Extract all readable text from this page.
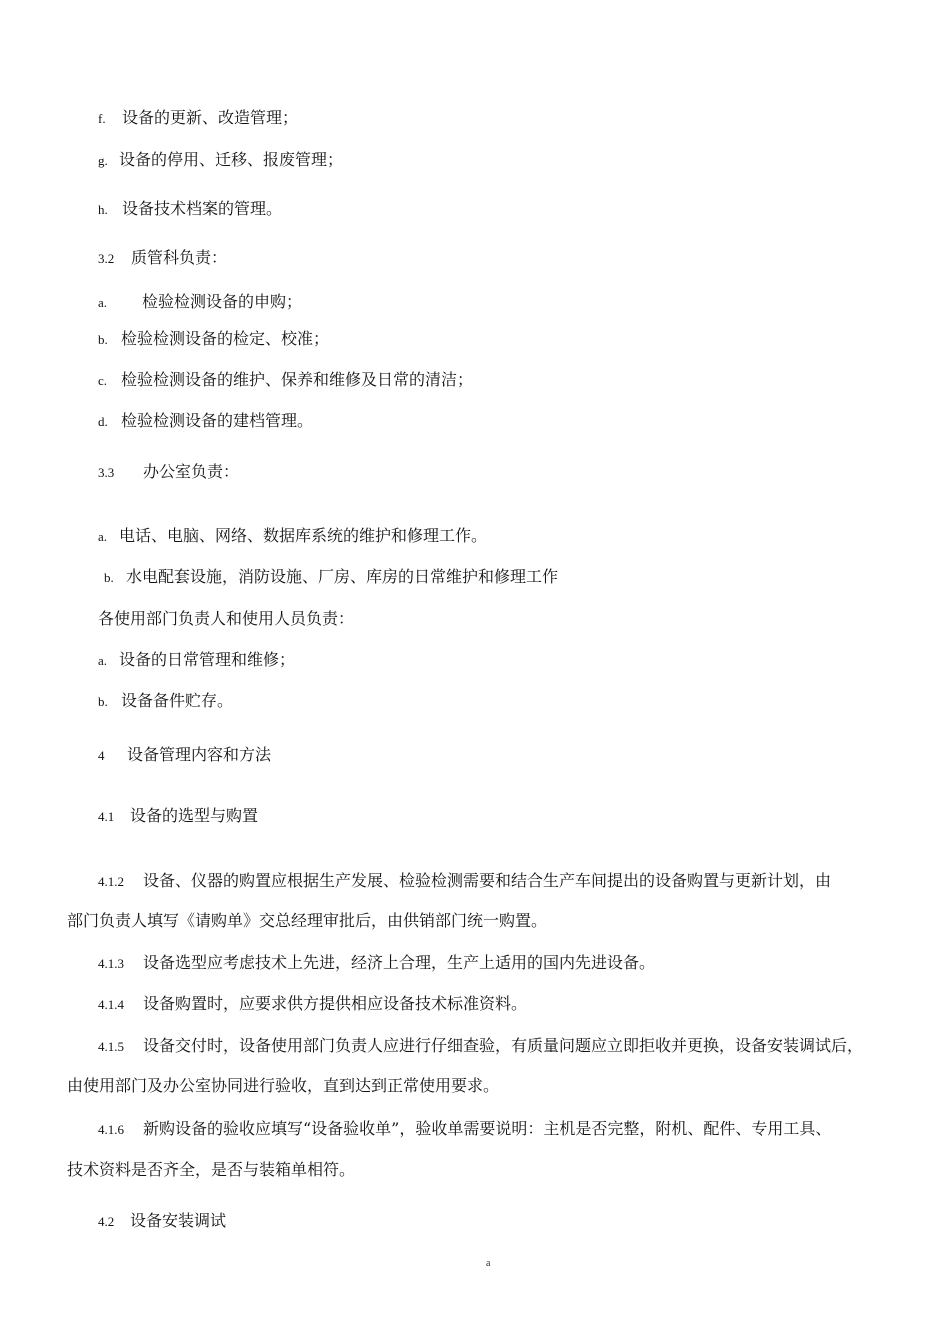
f. 设备的更新、改造管理；
g. 设备的停用、迁移、报废管理；
h. 设备技术档案的管理。
3.2 质管科负责：
a. 检验检测设备的申购；
b. 检验检测设备的检定、校准；
c. 检验检测设备的维护、保养和维修及日常的清洁；
d. 检验检测设备的建档管理。
3.3 办公室负责：
a. 电话、电脑、网络、数据库系统的维护和修理工作。
b. 水电配套设施，消防设施、厂房、库房的日常维护和修理工作
各使用部门负责人和使用人员负责：
a. 设备的日常管理和维修；
b. 设备备件贮存。
4 设备管理内容和方法
4.1 设备的选型与购置
4.1.2 设备、仪器的购置应根据生产发展、检验检测需要和结合生产车间提出的设备购置与更新计划，由
部门负责人填写《请购单》交总经理审批后，由供销部门统一购置。
4.1.3 设备选型应考虑技术上先进，经济上合理，生产上适用的国内先进设备。
4.1.4 设备购置时，应要求供方提供相应设备技术标准资料。
4.1.5 设备交付时，设备使用部门负责人应进行仔细查验，有质量问题应立即拒收并更换，设备安装调试后，
由使用部门及办公室协同进行验收，直到达到正常使用要求。
4.1.6 新购设备的验收应填写“设备验收单”，验收单需要说明：主机是否完整，附机、配件、专用工具、
技术资料是否齐全，是否与装箱单相符。
4.2 设备安装调试
a
